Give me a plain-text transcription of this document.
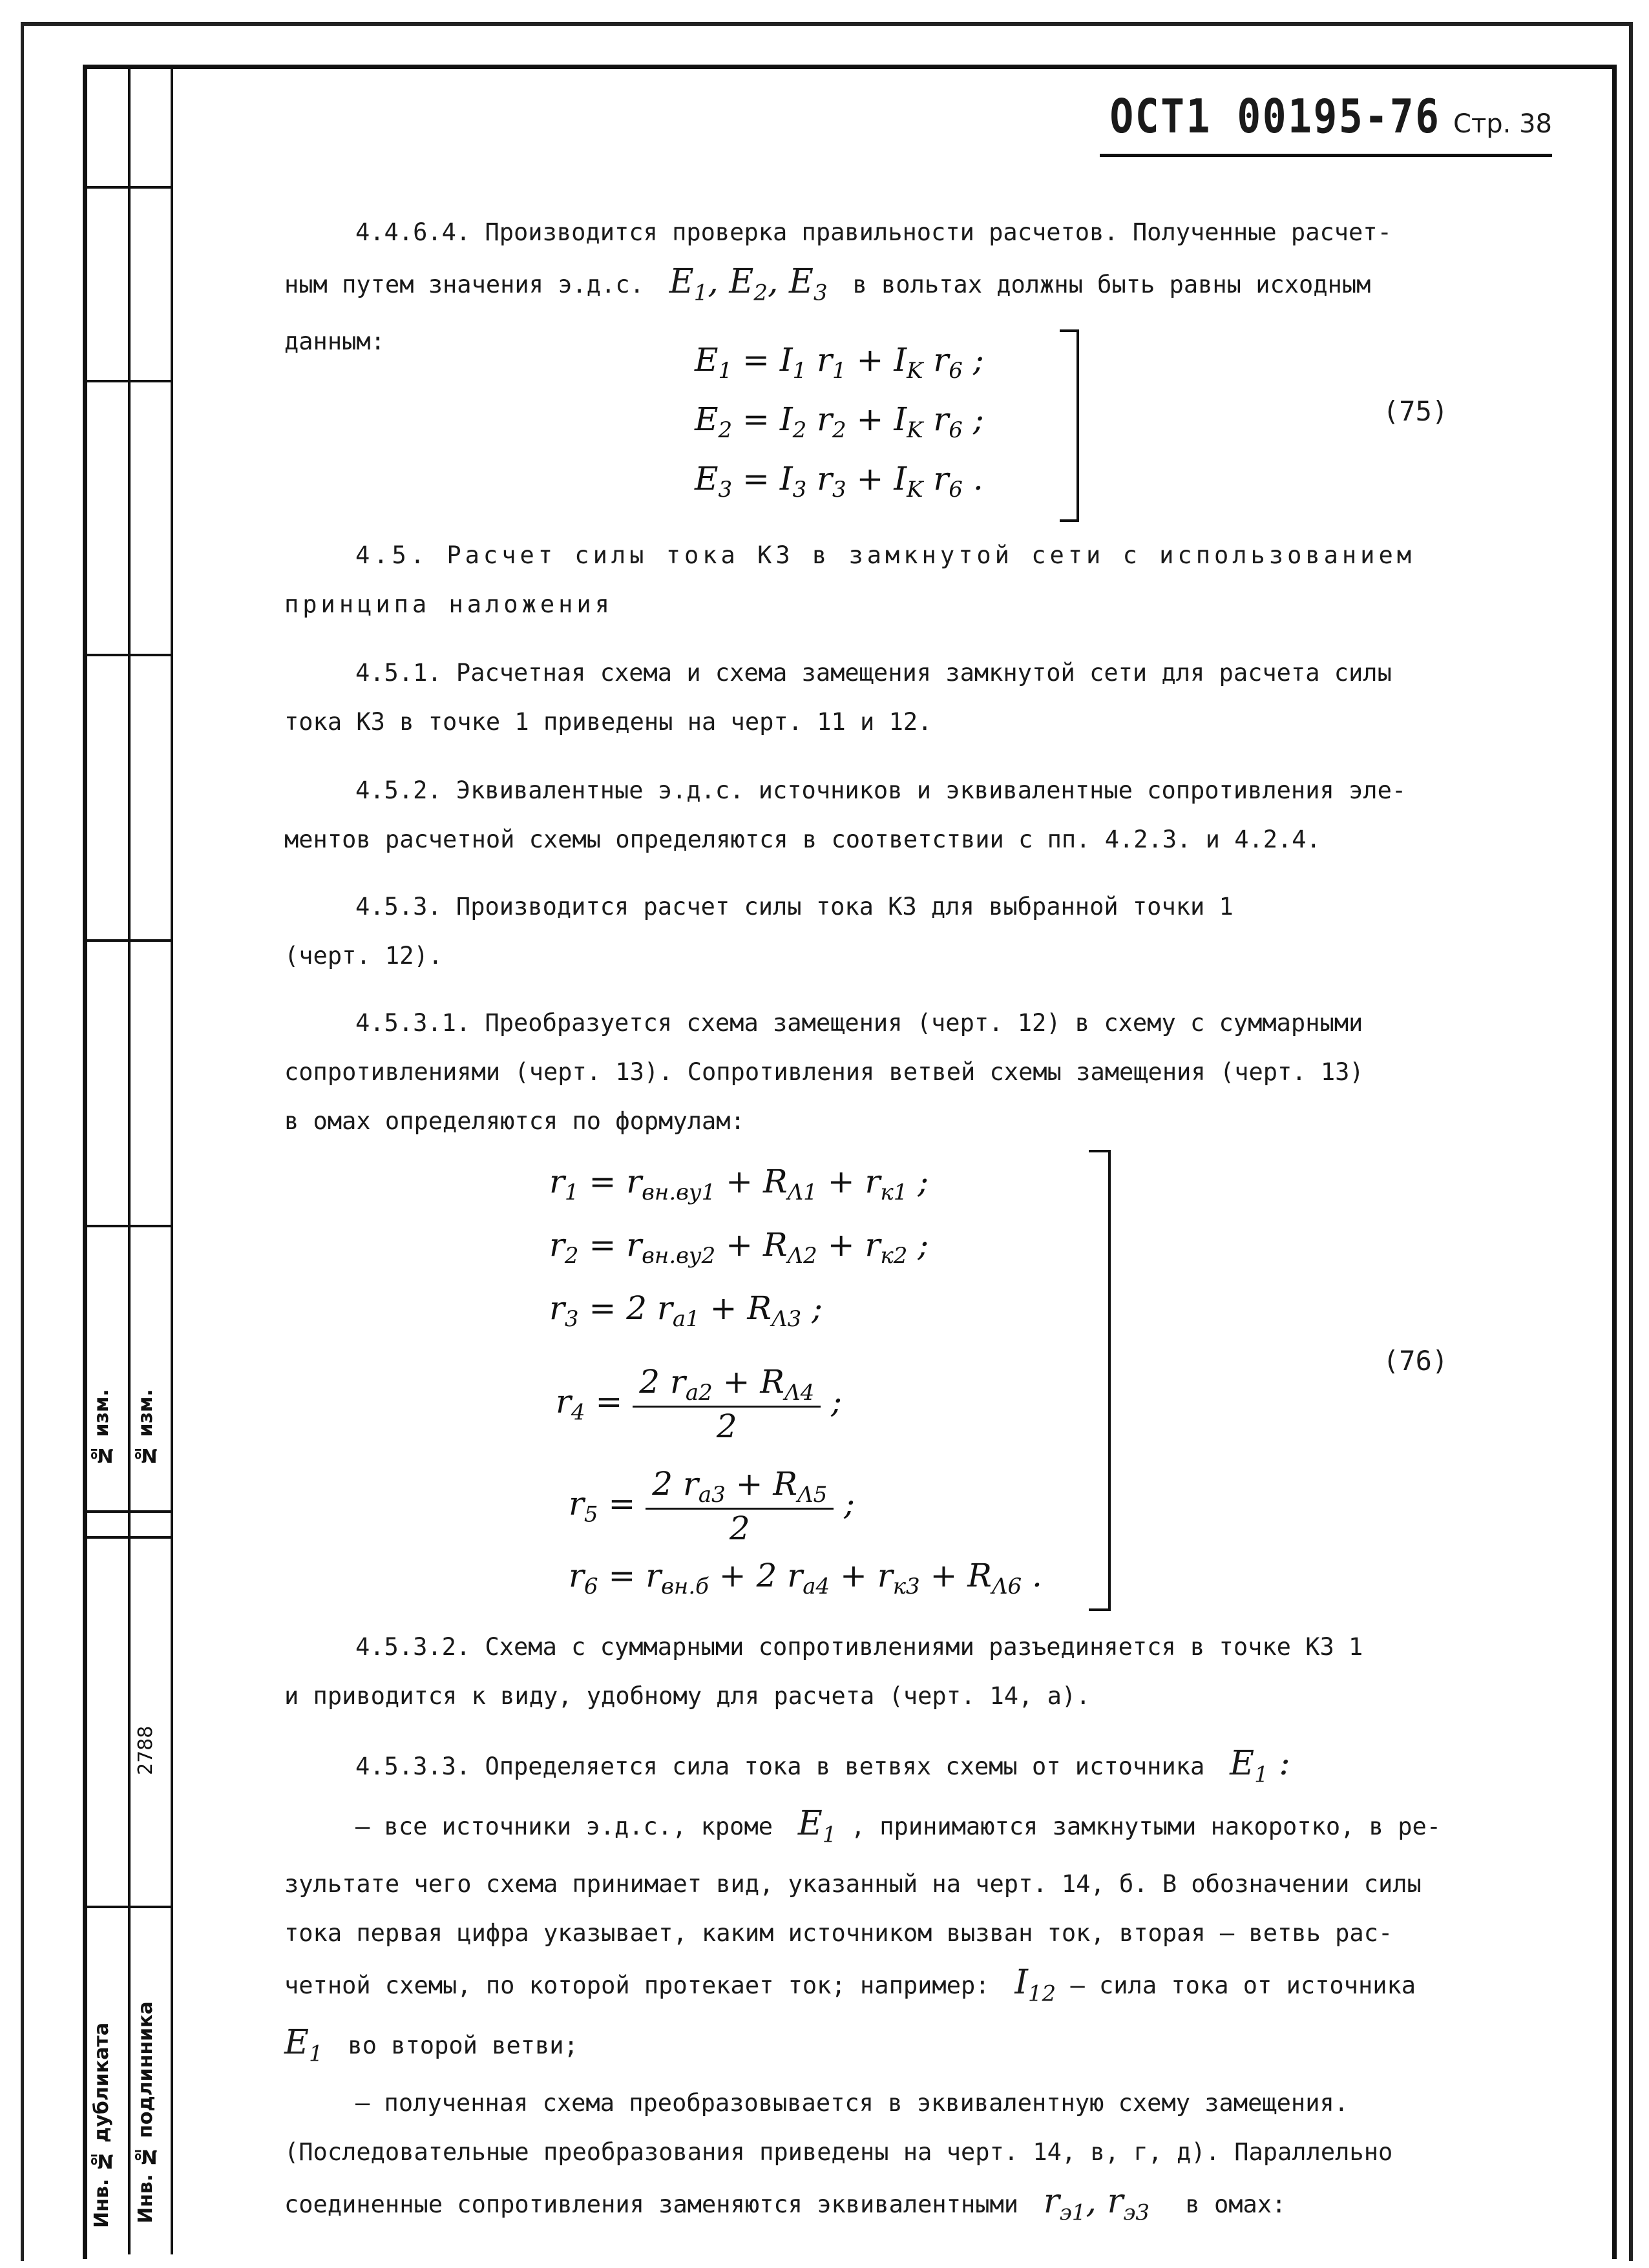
№ изм.	№ изм.
2788
Инв. № дубликата	Инв. № подлинника
ОСТ1 00195-76 Стр. 38
4.4.6.4. Производится проверка правильности расчетов. Полученные расчет-
ным путем значения э.д.с.  $E_1$, $E_2$, $E_3$ в вольтах должны быть равны исходным
данным:	$E_1 = I_1$ $r_1 + I_K$ $r_6$ ;
$E_2 = I_2$ $r_2 + I_K$ $r_6$ ;
$E_3 = I_3$ $r_3 + I_K$ $r_6$ .
(75)
4.5. Расчет силы тока КЗ в замкнутой сети с использованием
принципа наложения
4.5.1. Расчетная схема и схема замещения замкнутой сети для расчета силы
тока КЗ в точке 1 приведены на черт. 11 и 12.
4.5.2. Эквивалентные э.д.с. источников и эквивалентные сопротивления эле-
ментов расчетной схемы определяются в соответствии с пп. 4.2.3. и 4.2.4.
4.5.3. Производится расчет силы тока КЗ для выбранной точки 1
(черт. 12).
4.5.3.1. Преобразуется схема замещения (черт. 12) в схему с суммарными
сопротивлениями (черт. 13). Сопротивления ветвей схемы замещения (черт. 13)
в омах определяются по формулам:
$r_1 = r_{вн.ву1} + R_{\Lambda 1} + r_{к1}$ ;
$r_2 = r_{вн.ву2} + R_{\Lambda 2} + r_{к2}$ ;
$r_3 = 2$ $r_{a1} + R_{\Lambda 3}$ ;
$r_4 = \frac{2 r_{a2} + R_{\Lambda 4}}{2}$ ;
$r_5 = \frac{2 r_{a3} + R_{\Lambda 5}}{2}$ ;
$r_6 = r_{вн.б} + 2$ $r_{a4} + r_{к3} + R_{\Lambda 6}$ .
(76)
4.5.3.2. Схема с суммарными сопротивлениями разъединяется в точке КЗ 1
и приводится к виду, удобному для расчета (черт. 14, а).
4.5.3.3. Определяется сила тока в ветвях схемы от источника  $E_1$ :
– все источники э.д.с., кроме  $E_1$ , принимаются замкнутыми накоротко, в ре-
зультате чего схема принимает вид, указанный на черт. 14, б. В обозначении силы
тока первая цифра указывает, каким источником вызван ток, вторая – ветвь рас-
четной схемы, по которой протекает ток; например:  $I_{12}$ – сила тока от источника
$E_1$ во второй ветви;
– полученная схема преобразовывается в эквивалентную схему замещения.
(Последовательные преобразования приведены на черт. 14, в, г, д). Параллельно
соединенные сопротивления заменяются эквивалентными  $r_{э1}$, $r_{э3}$ в омах:
